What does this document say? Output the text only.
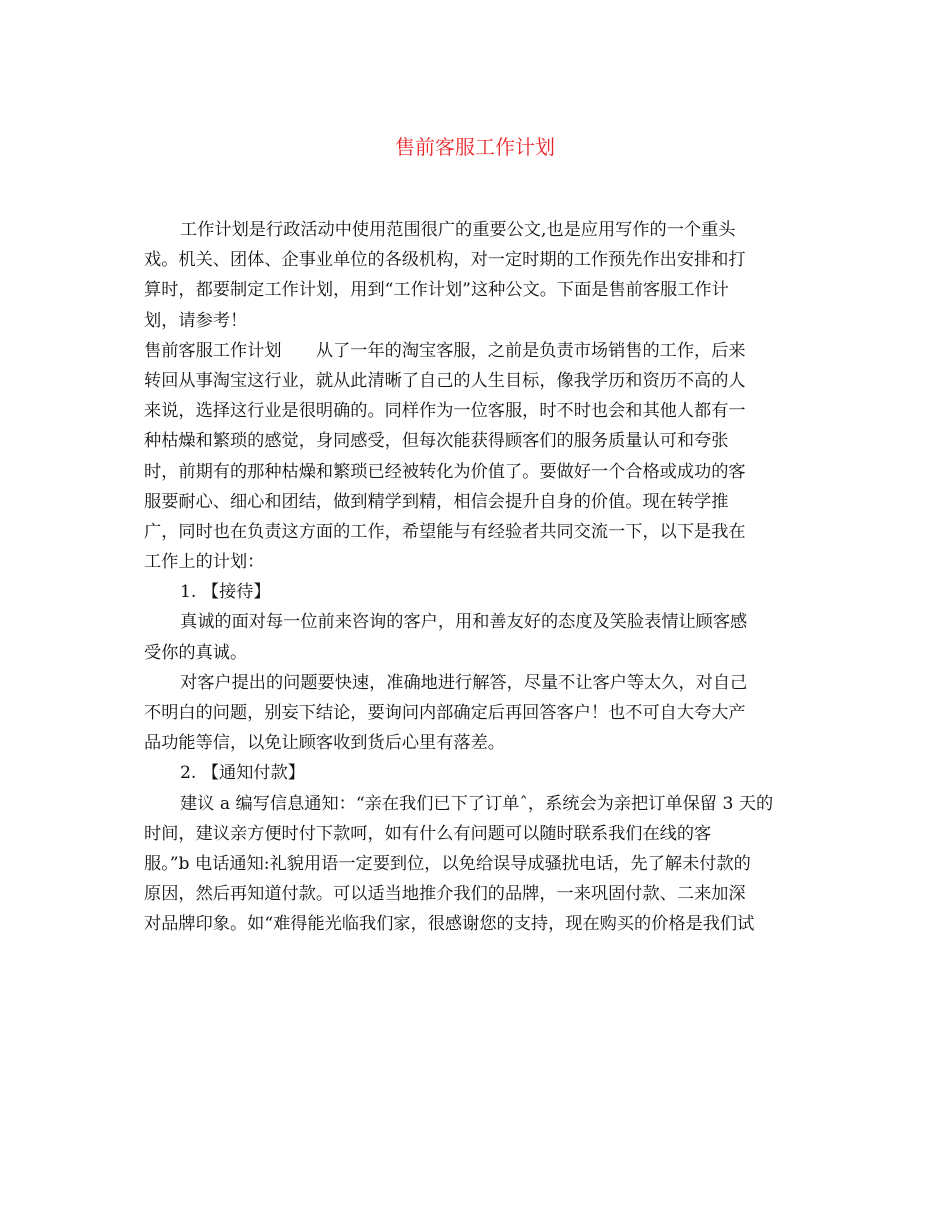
售前客服工作计划
工作计划是行政活动中使用范围很广的重要公文,也是应用写作的一个重头
戏。机关、团体、企事业单位的各级机构，对一定时期的工作预先作出安排和打
算时，都要制定工作计划，用到“工作计划”这种公文。下面是售前客服工作计
划，请参考！
售前客服工作计划　　从了一年的淘宝客服，之前是负责市场销售的工作，后来
转回从事淘宝这行业，就从此清晰了自己的人生目标，像我学历和资历不高的人
来说，选择这行业是很明确的。同样作为一位客服，时不时也会和其他人都有一
种枯燥和繁琐的感觉，身同感受，但每次能获得顾客们的服务质量认可和夸张
时，前期有的那种枯燥和繁琐已经被转化为价值了。要做好一个合格或成功的客
服要耐心、细心和团结，做到精学到精，相信会提升自身的价值。现在转学推
广，同时也在负责这方面的工作，希望能与有经验者共同交流一下，以下是我在
工作上的计划：
1. 【接待】
真诚的面对每一位前来咨询的客户，用和善友好的态度及笑脸表情让顾客感
受你的真诚。
对客户提出的问题要快速，准确地进行解答，尽量不让客户等太久，对自己
不明白的问题，别妄下结论，要询问内部确定后再回答客户！也不可自大夸大产
品功能等信，以免让顾客收到货后心里有落差。
2. 【通知付款】
建议 a 编写信息通知：“亲在我们已下了订单ˆ，系统会为亲把订单保留 3 天的
时间，建议亲方便时付下款呵，如有什么有问题可以随时联系我们在线的客
服。”b 电话通知:礼貌用语一定要到位，以免给误导成骚扰电话，先了解未付款的
原因，然后再知道付款。可以适当地推介我们的品牌，一来巩固付款、二来加深
对品牌印象。如“难得能光临我们家，很感谢您的支持，现在购买的价格是我们试
